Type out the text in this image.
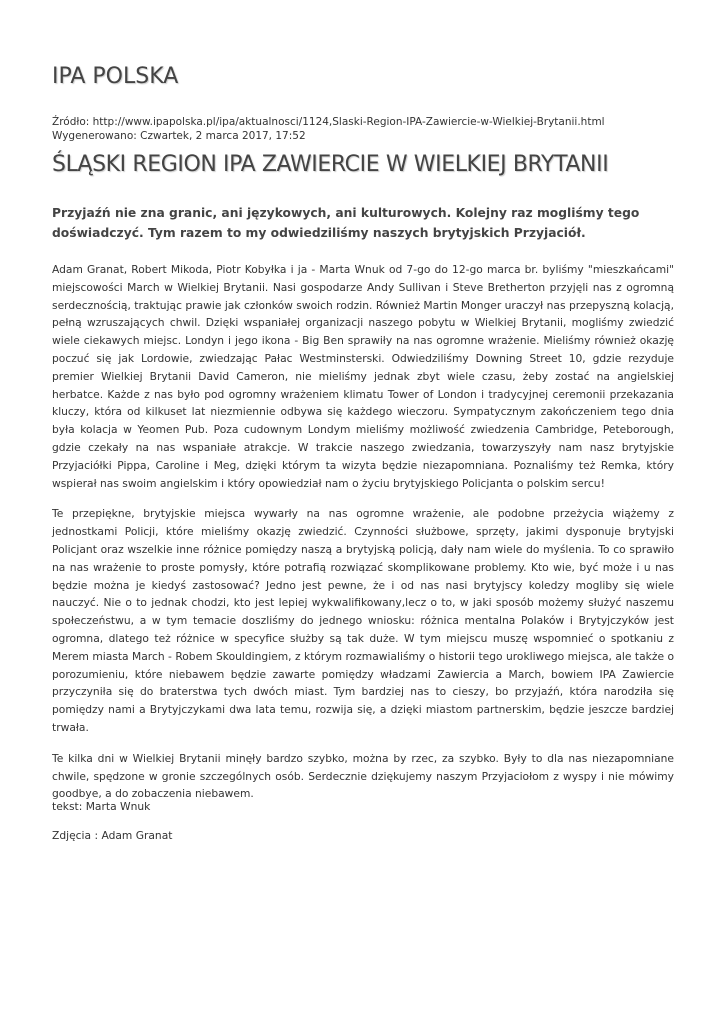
IPA POLSKA
Źródło: http://www.ipapolska.pl/ipa/aktualnosci/1124,Slaski-Region-IPA-Zawiercie-w-Wielkiej-Brytanii.html
Wygenerowano: Czwartek, 2 marca 2017, 17:52
ŚLĄSKI REGION IPA ZAWIERCIE W WIELKIEJ BRYTANII
Przyjaźń nie zna granic, ani językowych, ani kulturowych. Kolejny raz mogliśmy tego doświadczyć. Tym razem to my odwiedziliśmy naszych brytyjskich Przyjaciół.

Adam Granat, Robert Mikoda, Piotr Kobyłka i ja - Marta Wnuk od 7-go do 12-go marca br. byliśmy "mieszkańcami" miejscowości March w Wielkiej Brytanii. Nasi gospodarze Andy Sullivan i Steve Bretherton przyjęli nas z ogromną serdecznością, traktując prawie jak członków swoich rodzin. Również Martin Monger uraczył nas przepyszną kolacją, pełną wzruszających chwil. Dzięki wspaniałej organizacji naszego pobytu w Wielkiej Brytanii, mogliśmy zwiedzić wiele ciekawych miejsc. Londyn i jego ikona - Big Ben sprawiły na nas ogromne wrażenie. Mieliśmy również okazję poczuć się jak Lordowie, zwiedzając Pałac Westminsterski. Odwiedziliśmy Downing Street 10, gdzie rezyduje premier Wielkiej Brytanii David Cameron, nie mieliśmy jednak zbyt wiele czasu, żeby zostać na angielskiej herbatce. Każde z nas było pod ogromny wrażeniem klimatu Tower of London i tradycyjnej ceremonii przekazania kluczy, która od kilkuset lat niezmiennie odbywa się każdego wieczoru. Sympatycznym zakończeniem tego dnia była kolacja w Yeomen Pub. Poza cudownym Londym mieliśmy możliwość zwiedzenia Cambridge, Peteborough, gdzie czekały na nas wspaniałe atrakcje. W trakcie naszego zwiedzania, towarzyszyły nam nasz brytyjskie Przyjaciółki Pippa, Caroline i Meg, dzięki którym ta wizyta będzie niezapomniana. Poznaliśmy też Remka, który wspierał nas swoim angielskim i który opowiedział nam o życiu brytyjskiego Policjanta o polskim sercu!

Te przepiękne, brytyjskie miejsca wywarły na nas ogromne wrażenie, ale podobne przeżycia wiążemy z jednostkami Policji, które mieliśmy okazję zwiedzić. Czynności służbowe, sprzęty, jakimi dysponuje brytyjski Policjant oraz wszelkie inne różnice pomiędzy naszą a brytyjską policją, dały nam wiele do myślenia. To co sprawiło na nas wrażenie to proste pomysły, które potrafią rozwiązać skomplikowane problemy. Kto wie, być może i u nas będzie można je kiedyś zastosować? Jedno jest pewne, że i od nas nasi brytyjscy koledzy mogliby się wiele nauczyć. Nie o to jednak chodzi, kto jest lepiej wykwalifikowany,lecz o to, w jaki sposób możemy służyć naszemu społeczeństwu, a w tym temacie doszliśmy do jednego wniosku: różnica mentalna Polaków i Brytyjczyków jest ogromna, dlatego też różnice w specyfice służby są tak duże. W tym miejscu muszę wspomnieć o spotkaniu z Merem miasta March - Robem Skouldingiem, z którym rozmawialiśmy o historii tego urokliwego miejsca, ale także o porozumieniu, które niebawem będzie zawarte pomiędzy władzami Zawiercia a March, bowiem IPA Zawiercie przyczyniła się do braterstwa tych dwóch miast. Tym bardziej nas to cieszy, bo przyjaźń, która narodziła się pomiędzy nami a Brytyjczykami dwa lata temu, rozwija się, a dzięki miastom partnerskim, będzie jeszcze bardziej trwała.

Te kilka dni w Wielkiej Brytanii minęły bardzo szybko, można by rzec, za szybko. Były to dla nas niezapomniane chwile, spędzone w gronie szczególnych osób. Serdecznie dziękujemy naszym Przyjaciołom z wyspy i nie mówimy goodbye, a do zobaczenia niebawem.

tekst: Marta Wnuk
Zdjęcia : Adam Granat
